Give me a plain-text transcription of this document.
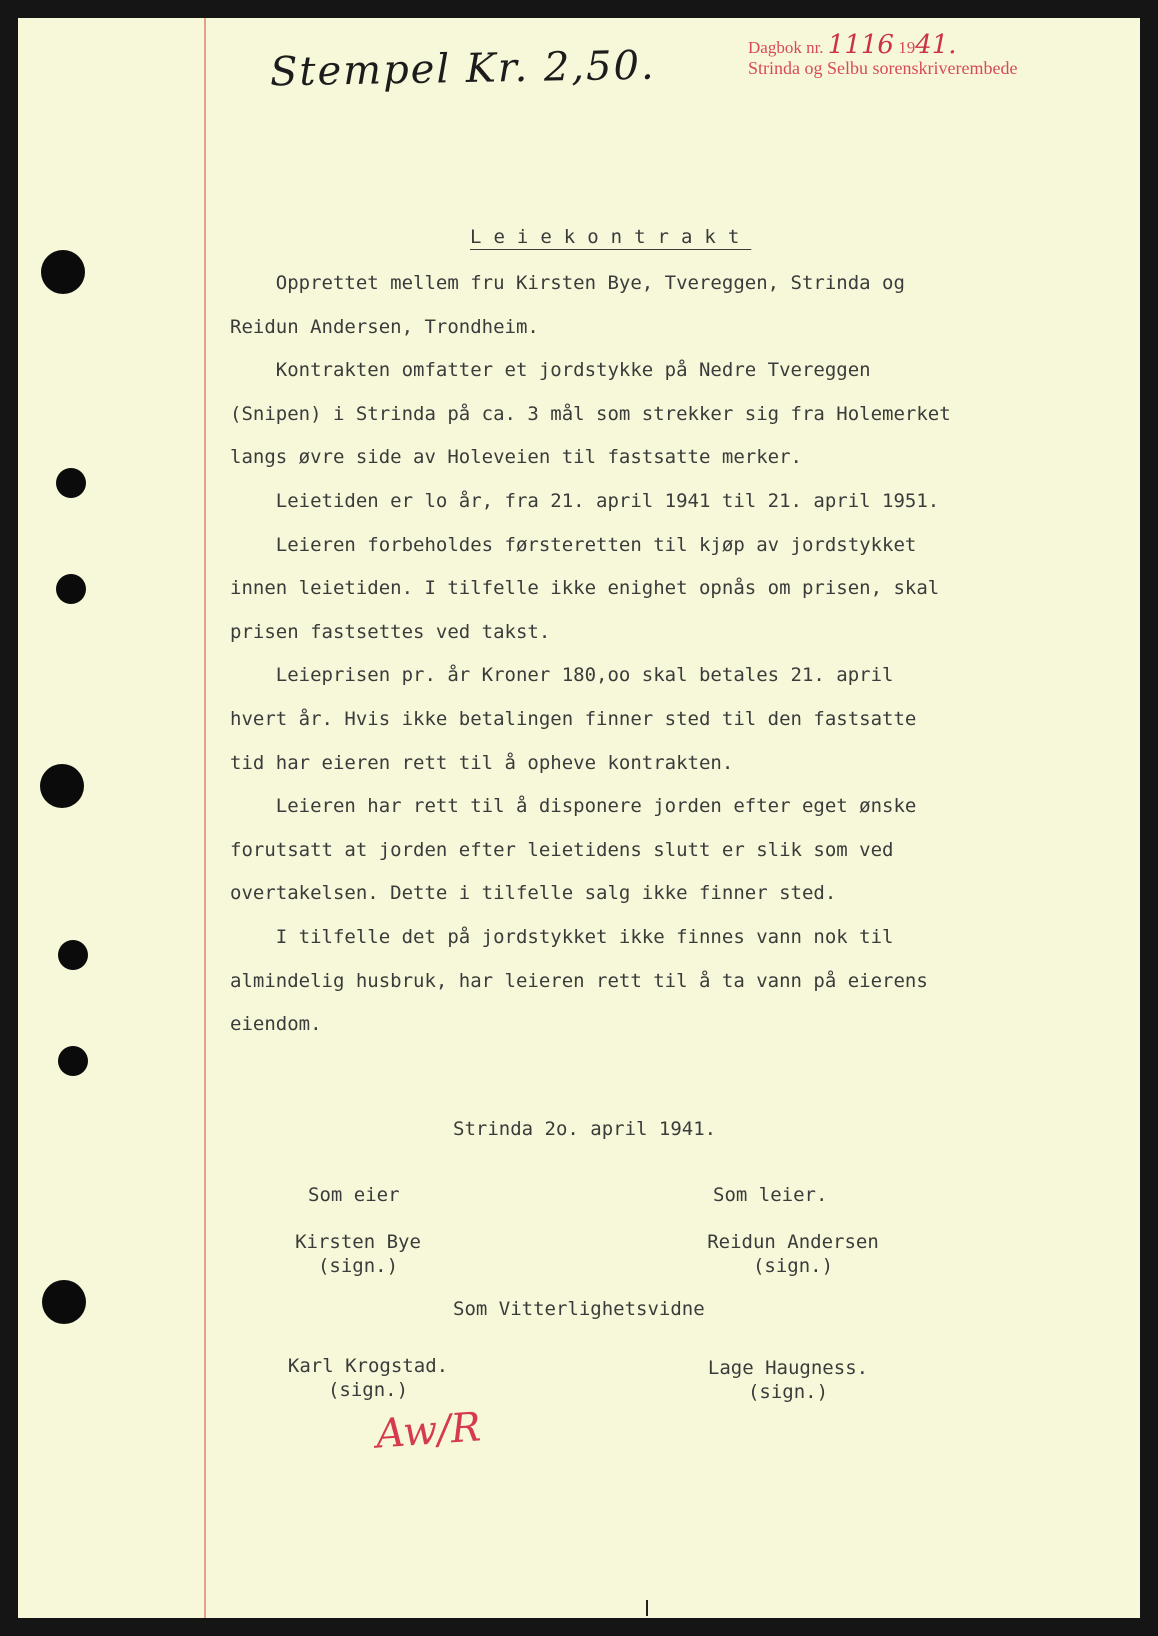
Stempel Kr. 2,50.	Dagbok nr. 1116 1941.
Strinda og Selbu sorenskriverembede
Leiekontrakt
Opprettet mellem fru Kirsten Bye, Tvereggen, Strinda og
Reidun Andersen, Trondheim.
Kontrakten omfatter et jordstykke på Nedre Tvereggen
(Snipen) i Strinda på ca. 3 mål som strekker sig fra Holemerket
langs øvre side av Holeveien til fastsatte merker.
Leietiden er lo år, fra 21. april 1941 til 21. april 1951.
Leieren forbeholdes førsteretten til kjøp av jordstykket
innen leietiden. I tilfelle ikke enighet opnås om prisen, skal
prisen fastsettes ved takst.
Leieprisen pr. år Kroner 180,oo skal betales 21. april
hvert år. Hvis ikke betalingen finner sted til den fastsatte
tid har eieren rett til å opheve kontrakten.
Leieren har rett til å disponere jorden efter eget ønske
forutsatt at jorden efter leietidens slutt er slik som ved
overtakelsen. Dette i tilfelle salg ikke finner sted.
I tilfelle det på jordstykket ikke finnes vann nok til
almindelig husbruk, har leieren rett til å ta vann på eierens
eiendom.
Strinda 2o. april 1941.
Som eier	Som leier.
Kirsten Bye
(sign.)
Reidun Andersen
(sign.)
Som Vitterlighetsvidne
Karl Krogstad.
(sign.)
Lage Haugness.
(sign.)
Aw/R
